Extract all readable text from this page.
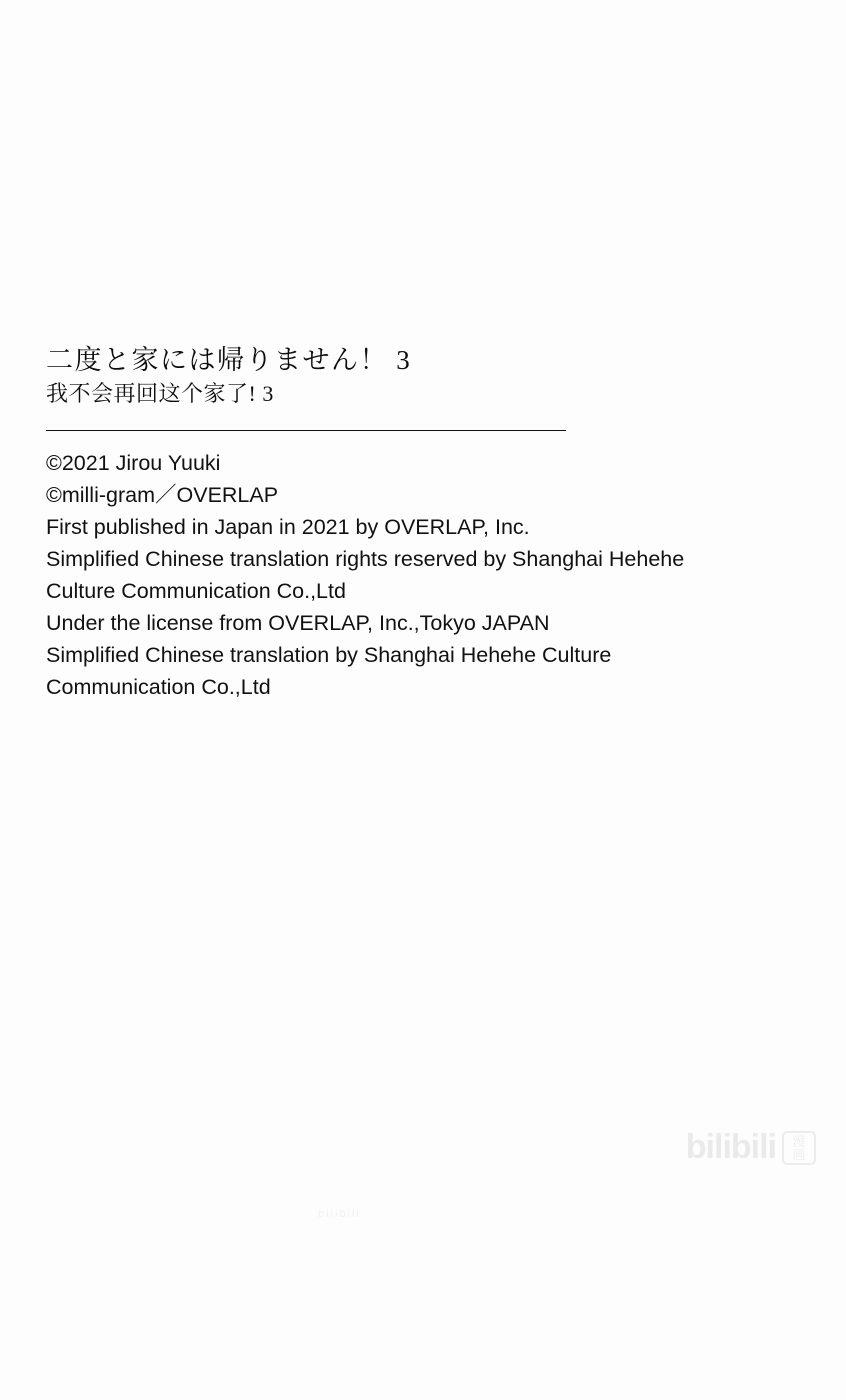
二度と家には帰りません！ 3

我不会再回这个家了! 3

©2021 Jirou Yuuki
©milli-gram／OVERLAP
First published in Japan in 2021 by OVERLAP, Inc.
Simplified Chinese translation rights reserved by Shanghai Hehehe Culture Communication Co.,Ltd
Under the license from OVERLAP, Inc.,Tokyo JAPAN
Simplified Chinese translation by Shanghai Hehehe Culture Communication Co.,Ltd
bilibili 漫
画
bilibili
